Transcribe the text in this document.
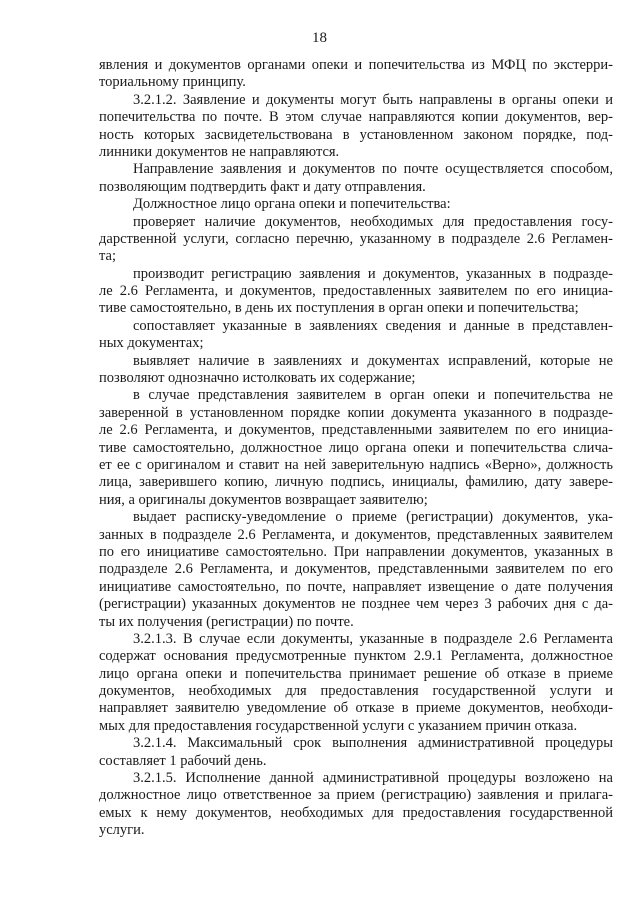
18
явления и документов органами опеки и попечительства из МФЦ по экстерри-
ториальному принципу.
3.2.1.2. Заявление и документы могут быть направлены в органы опеки и
попечительства по почте. В этом случае направляются копии документов, вер-
ность которых засвидетельствована в установленном законом порядке, под-
линники документов не направляются.
Направление заявления и документов по почте осуществляется способом,
позволяющим подтвердить факт и дату отправления.
Должностное лицо органа опеки и попечительства:
проверяет наличие документов, необходимых для предоставления госу-
дарственной услуги, согласно перечню, указанному в подразделе 2.6 Регламен-
та;
производит регистрацию заявления и документов, указанных в подразде-
ле 2.6 Регламента, и документов, предоставленных заявителем по его инициа-
тиве самостоятельно, в день их поступления в орган опеки и попечительства;
сопоставляет указанные в заявлениях сведения и данные в представлен-
ных документах;
выявляет наличие в заявлениях и документах исправлений, которые не
позволяют однозначно истолковать их содержание;
в случае представления заявителем в орган опеки и попечительства не
заверенной в установленном порядке копии документа указанного в подразде-
ле 2.6 Регламента, и документов, представленными заявителем по его инициа-
тиве самостоятельно, должностное лицо органа опеки и попечительства сличa-
ет ее с оригиналом и ставит на ней заверительную надпись «Верно», должность
лица, заверившего копию, личную подпись, инициалы, фамилию, дату завере-
ния, а оригиналы документов возвращает заявителю;
выдает расписку-уведомление о приеме (регистрации) документов, ука-
занных в подразделе 2.6 Регламента, и документов, представленных заявителем
по его инициативе самостоятельно. При направлении документов, указанных в
подразделе 2.6 Регламента, и документов, представленными заявителем по его
инициативе самостоятельно, по почте, направляет извещение о дате получения
(регистрации) указанных документов не позднее чем через 3 рабочих дня с да-
ты их получения (регистрации) по почте.
3.2.1.3. В случае если документы, указанные в подразделе 2.6 Регламента
содержат основания предусмотренные пунктом 2.9.1 Регламента, должностное
лицо органа опеки и попечительства принимает решение об отказе в приеме
документов, необходимых для предоставления государственной услуги и
направляет заявителю уведомление об отказе в приеме документов, необходи-
мых для предоставления государственной услуги с указанием причин отказа.
3.2.1.4. Максимальный срок выполнения административной процедуры
составляет 1 рабочий день.
3.2.1.5. Исполнение данной административной процедуры возложено на
должностное лицо ответственное за прием (регистрацию) заявления и прилага-
емых к нему документов, необходимых для предоставления государственной
услуги.
